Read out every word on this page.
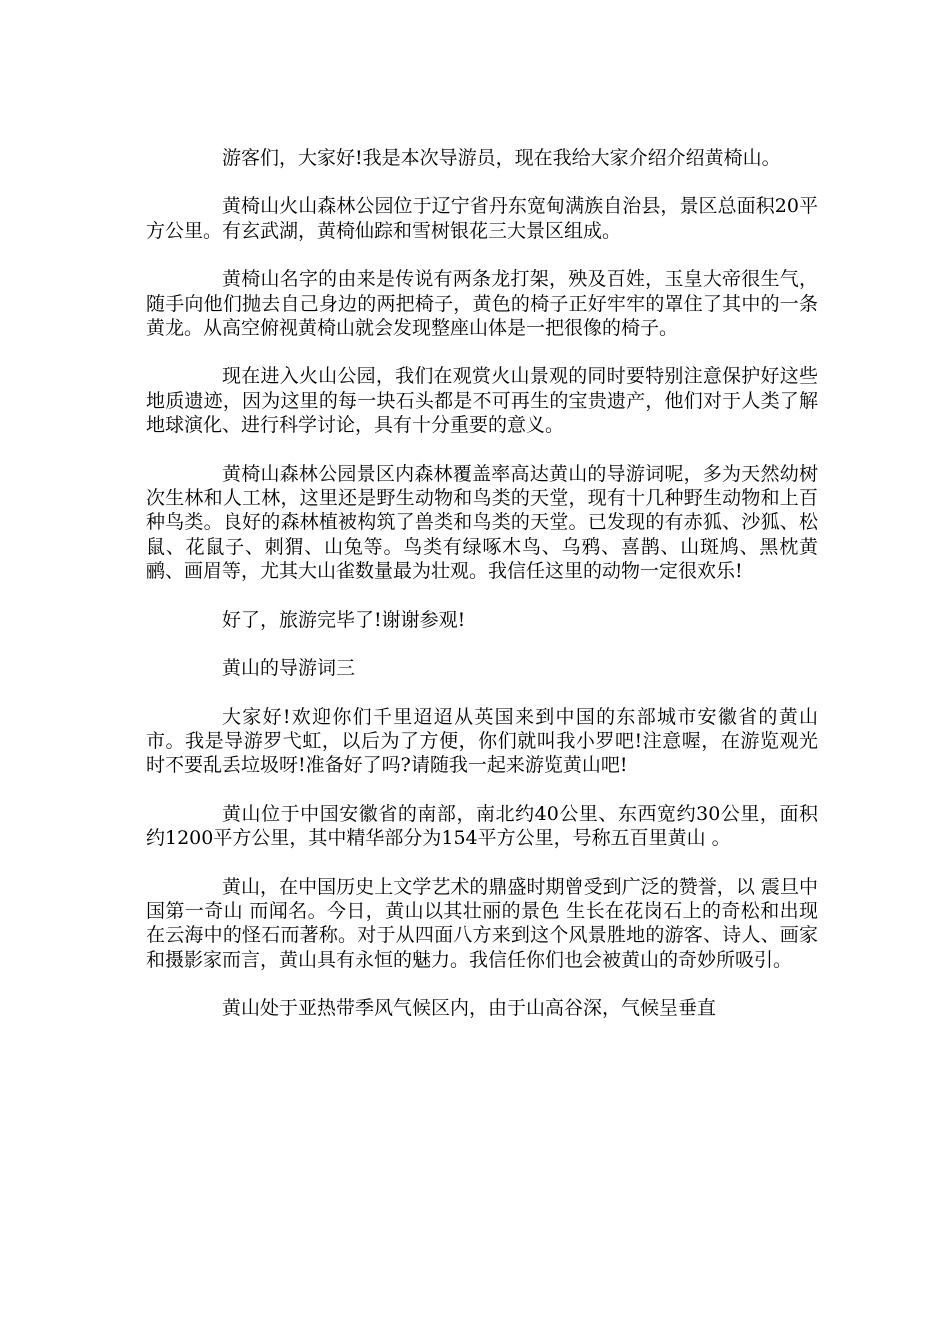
游客们，大家好!我是本次导游员，现在我给大家介绍介绍黄椅山。

黄椅山火山森林公园位于辽宁省丹东宽甸满族自治县，景区总面积20平方公里。有玄武湖，黄椅仙踪和雪树银花三大景区组成。

黄椅山名字的由来是传说有两条龙打架，殃及百姓，玉皇大帝很生气，随手向他们抛去自己身边的两把椅子，黄色的椅子正好牢牢的罩住了其中的一条黄龙。从高空俯视黄椅山就会发现整座山体是一把很像的椅子。

现在进入火山公园，我们在观赏火山景观的同时要特别注意保护好这些地质遗迹，因为这里的每一块石头都是不可再生的宝贵遗产，他们对于人类了解地球演化、进行科学讨论，具有十分重要的意义。

黄椅山森林公园景区内森林覆盖率高达黄山的导游词呢，多为天然幼树次生林和人工林，这里还是野生动物和鸟类的天堂，现有十几种野生动物和上百种鸟类。良好的森林植被构筑了兽类和鸟类的天堂。已发现的有赤狐、沙狐、松鼠、花鼠子、刺猬、山兔等。鸟类有绿啄木鸟、乌鸦、喜鹊、山斑鸠、黑枕黄鹂、画眉等，尤其大山雀数量最为壮观。我信任这里的动物一定很欢乐!

好了，旅游完毕了!谢谢参观!

黄山的导游词三

大家好!欢迎你们千里迢迢从英国来到中国的东部城市安徽省的黄山市。我是导游罗弋虹，以后为了方便，你们就叫我小罗吧!注意喔，在游览观光时不要乱丢垃圾呀!准备好了吗?请随我一起来游览黄山吧!

黄山位于中国安徽省的南部，南北约40公里、东西宽约30公里，面积约1200平方公里，其中精华部分为154平方公里，号称五百里黄山 。

黄山，在中国历史上文学艺术的鼎盛时期曾受到广泛的赞誉，以 震旦中国第一奇山 而闻名。今日，黄山以其壮丽的景色 生长在花岗石上的奇松和出现在云海中的怪石而著称。对于从四面八方来到这个风景胜地的游客、诗人、画家和摄影家而言，黄山具有永恒的魅力。我信任你们也会被黄山的奇妙所吸引。

黄山处于亚热带季风气候区内，由于山高谷深，气候呈垂直
